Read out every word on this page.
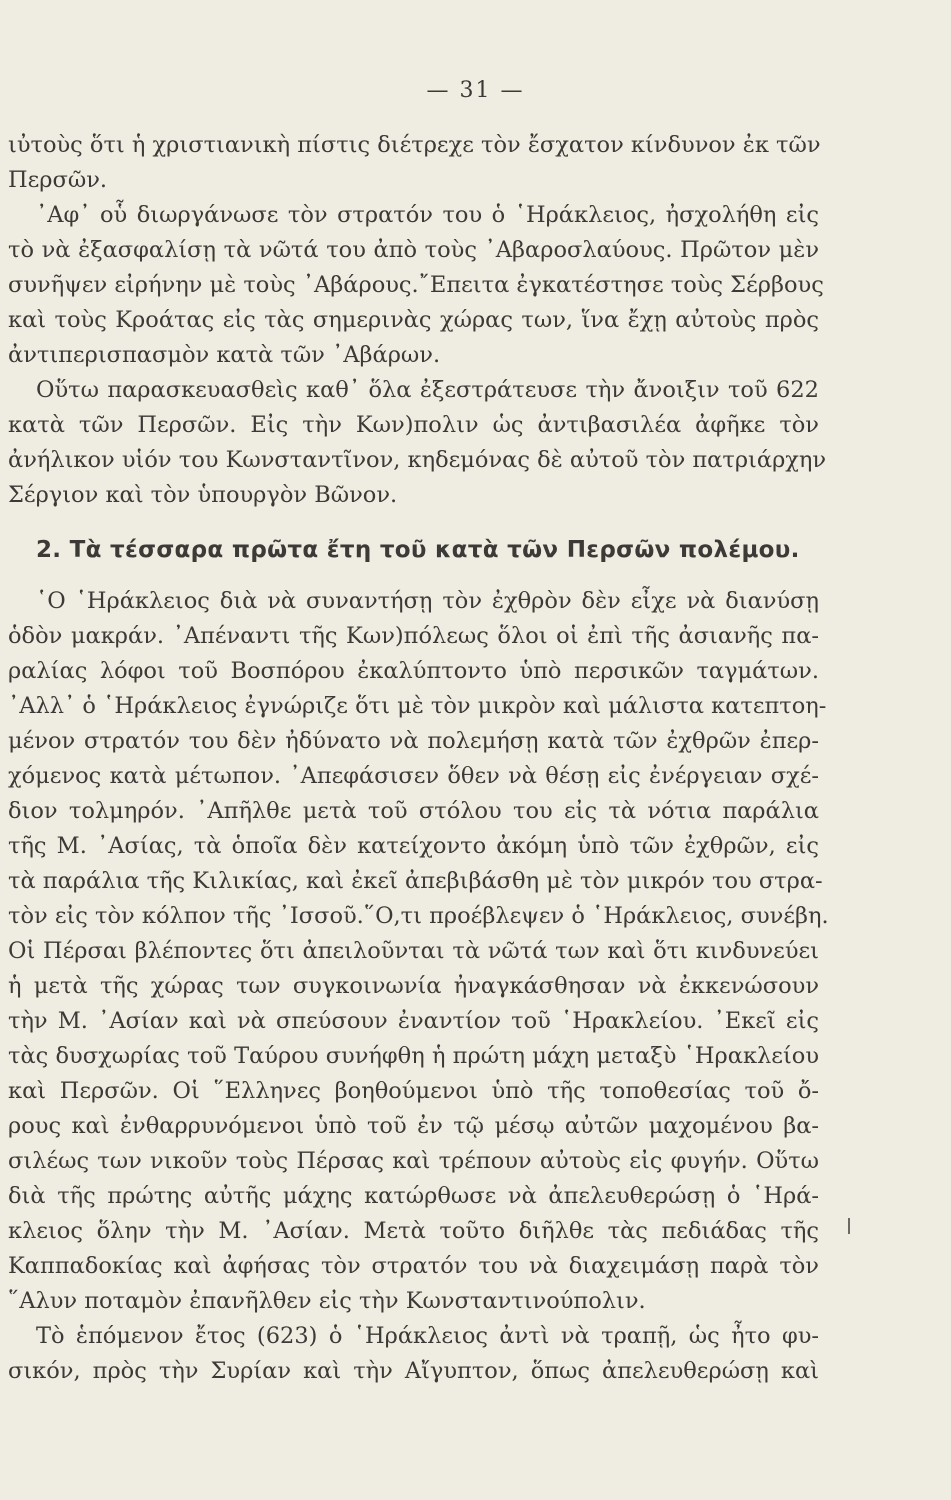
— 31 —
ιὐτοὺς ὅτι ἡ χριστιανικὴ πίστις διέτρεχε τὸν ἔσχατον κίνδυνον ἐκ τῶν
Περσῶν.
᾿Αφ᾿ οὗ διωργάνωσε τὸν στρατόν του ὁ ῾Ηράκλειος, ἠσχολήθη εἰς
τὸ νὰ ἐξασφαλίσῃ τὰ νῶτά του ἀπὸ τοὺς ᾿Αβαροσλαύους. Πρῶτον μὲν
συνῆψεν εἰρήνην μὲ τοὺς ᾿Αβάρους.῎Επειτα ἐγκατέστησε τοὺς Σέρβους
καὶ τοὺς Κροάτας εἰς τὰς σημερινὰς χώρας των, ἵνα ἔχῃ αὐτοὺς πρὸς
ἀντιπερισπασμὸν κατὰ τῶν ᾿Αβάρων.
Οὕτω παρασκευασθεὶς καθ᾿ ὅλα ἐξεστράτευσε τὴν ἄνοιξιν τοῦ 622
κατὰ τῶν Περσῶν. Εἰς τὴν Κων)πολιν ὡς ἀντιβασιλέα ἀφῆκε τὸν
ἀνήλικον υἱόν του Κωνσταντῖνον, κηδεμόνας δὲ αὐτοῦ τὸν πατριάρχην
Σέργιον καὶ τὸν ὑπουργὸν Βῶνον.
2. Τὰ τέσσαρα πρῶτα ἔτη τοῦ κατὰ τῶν Περσῶν πολέμου.
῾Ο ῾Ηράκλειος διὰ νὰ συναντήσῃ τὸν ἐχθρὸν δὲν εἶχε νὰ διανύσῃ
ὁδὸν μακράν. ᾿Απέναντι τῆς Κων)πόλεως ὅλοι οἱ ἐπὶ τῆς ἀσιανῆς πα-
ραλίας λόφοι τοῦ Βοσπόρου ἐκαλύπτοντο ὑπὸ περσικῶν ταγμάτων.
᾿Αλλ᾿ ὁ ῾Ηράκλειος ἐγνώριζε ὅτι μὲ τὸν μικρὸν καὶ μάλιστα κατεπτοη-
μένον στρατόν του δὲν ἠδύνατο νὰ πολεμήσῃ κατὰ τῶν ἐχθρῶν ἐπερ-
χόμενος κατὰ μέτωπον. ᾿Απεφάσισεν ὅθεν νὰ θέσῃ εἰς ἐνέργειαν σχέ-
διον τολμηρόν. ᾿Απῆλθε μετὰ τοῦ στόλου του εἰς τὰ νότια παράλια
τῆς Μ. ᾿Ασίας, τὰ ὁποῖα δὲν κατείχοντο ἀκόμη ὑπὸ τῶν ἐχθρῶν, εἰς
τὰ παράλια τῆς Κιλικίας, καὶ ἐκεῖ ἀπεβιβάσθη μὲ τὸν μικρόν του στρα-
τὸν εἰς τὸν κόλπον τῆς ᾿Ισσοῦ.῞Ο,τι προέβλεψεν ὁ ῾Ηράκλειος, συνέβη.
Οἱ Πέρσαι βλέποντες ὅτι ἀπειλοῦνται τὰ νῶτά των καὶ ὅτι κινδυνεύει
ἡ μετὰ τῆς χώρας των συγκοινωνία ἠναγκάσθησαν νὰ ἐκκενώσουν
τὴν Μ. ᾿Ασίαν καὶ νὰ σπεύσουν ἐναντίον τοῦ ῾Ηρακλείου. ᾿Εκεῖ εἰς
τὰς δυσχωρίας τοῦ Ταύρου συνήφθη ἡ πρώτη μάχη μεταξὺ ῾Ηρακλείου
καὶ Περσῶν. Οἱ ῞Ελληνες βοηθούμενοι ὑπὸ τῆς τοποθεσίας τοῦ ὄ-
ρους καὶ ἐνθαρρυνόμενοι ὑπὸ τοῦ ἐν τῷ μέσῳ αὐτῶν μαχομένου βα-
σιλέως των νικοῦν τοὺς Πέρσας καὶ τρέπουν αὐτοὺς εἰς φυγήν. Οὕτω
διὰ τῆς πρώτης αὐτῆς μάχης κατώρθωσε νὰ ἀπελευθερώσῃ ὁ ῾Ηρά-
κλειος ὅλην τὴν Μ. ᾿Ασίαν. Μετὰ τοῦτο διῆλθε τὰς πεδιάδας τῆς
Καππαδοκίας καὶ ἀφήσας τὸν στρατόν του νὰ διαχειμάσῃ παρὰ τὸν
῞Αλυν ποταμὸν ἐπανῆλθεν εἰς τὴν Κωνσταντινούπολιν.
Τὸ ἑπόμενον ἔτος (623) ὁ ῾Ηράκλειος ἀντὶ νὰ τραπῇ, ὡς ἦτο φυ-
σικόν, πρὸς τὴν Συρίαν καὶ τὴν Αἴγυπτον, ὅπως ἀπελευθερώσῃ καὶ
